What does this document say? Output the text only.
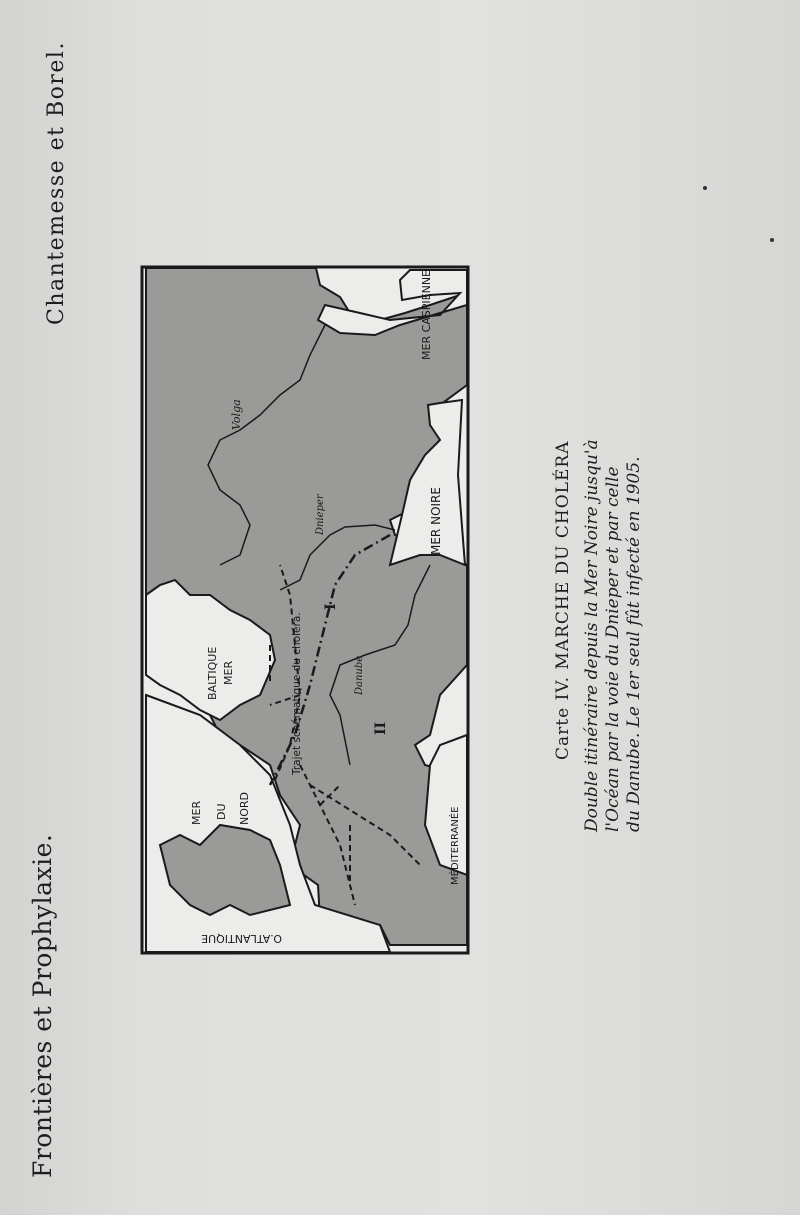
Frontières et Prophylaxie.
Chantemesse et Borel.	MER CASPIENNE
Volga
Dnieper	MER NOIRE
Danube
I
II
Trajet schématique du choléra.
MER
BALTIQUE
MER DU NORD	MÉDITERRANÉE
O.ATLANTIQUE
Carte IV. MARCHE DU CHOLÉRA Double itinéraire depuis la Mer Noire jusqu'à l'Océan par la voie du Dnieper et par celle du Danube. Le 1er seul fût infecté en 1905.
